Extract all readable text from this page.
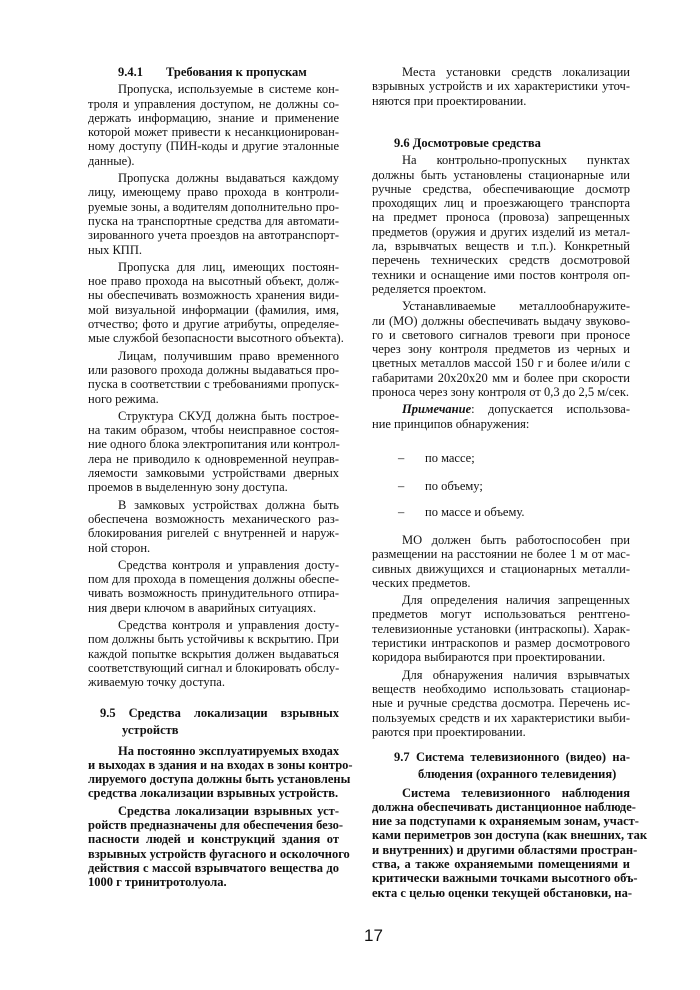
9.4.1 Требования к пропускам
Пропуска, используемые в системе кон-
троля и управления доступом, не должны со-
держать информацию, знание и применение
которой может привести к несанкционирован-
ному доступу (ПИН-коды и другие эталонные
данные).
Пропуска должны выдаваться каждому
лицу, имеющему право прохода в контроли-
руемые зоны, а водителям дополнительно про-
пуска на транспортные средства для автомати-
зированного учета проездов на автотранспорт-
ных КПП.
Пропуска для лиц, имеющих постоян-
ное право прохода на высотный объект, долж-
ны обеспечивать возможность хранения види-
мой визуальной информации (фамилия, имя,
отчество; фото и другие атрибуты, определяе-
мые службой безопасности высотного объекта).
Лицам, получившим право временного
или разового прохода должны выдаваться про-
пуска в соответствии с требованиями пропуск-
ного режима.
Структура СКУД должна быть построе-
на таким образом, чтобы неисправное состоя-
ние одного блока электропитания или контрол-
лера не приводило к одновременной неуправ-
ляемости замковыми устройствами дверных
проемов в выделенную зону доступа.
В замковых устройствах должна быть
обеспечена возможность механического раз-
блокирования ригелей с внутренней и наруж-
ной сторон.
Средства контроля и управления досту-
пом для прохода в помещения должны обеспе-
чивать возможность принудительного отпира-
ния двери ключом в аварийных ситуациях.
Средства контроля и управления досту-
пом должны быть устойчивы к вскрытию. При
каждой попытке вскрытия должен выдаваться
соответствующий сигнал и блокировать обслу-
живаемую точку доступа.
9.5 Средства локализации взрывных
устройств
На постоянно эксплуатируемых входах
и выходах в здания и на входах в зоны контро-
лируемого доступа должны быть установлены
средства локализации взрывных устройств.
Средства локализации взрывных уст-
ройств предназначены для обеспечения безо-
пасности людей и конструкций здания от
взрывных устройств фугасного и осколочного
действия с массой взрывчатого вещества до
1000 г тринитротолуола.
Места установки средств локализации
взрывных устройств и их характеристики уточ-
няются при проектировании.
9.6 Досмотровые средства
На контрольно-пропускных пунктах
должны быть установлены стационарные или
ручные средства, обеспечивающие досмотр
проходящих лиц и проезжающего транспорта
на предмет проноса (провоза) запрещенных
предметов (оружия и других изделий из метал-
ла, взрывчатых веществ и т.п.). Конкретный
перечень технических средств досмотровой
техники и оснащение ими постов контроля оп-
ределяется проектом.
Устанавливаемые металлообнаружите-
ли (МО) должны обеспечивать выдачу звуково-
го и светового сигналов тревоги при проносе
через зону контроля предметов из черных и
цветных металлов массой 150 г и более и/или с
габаритами 20х20х20 мм и более при скорости
проноса через зону контроля от 0,3 до 2,5 м/сек.
Примечание: допускается использова-
ние принципов обнаружения:
– по массе;
– по объему;
– по массе и объему.
МО должен быть работоспособен при
размещении на расстоянии не более 1 м от мас-
сивных движущихся и стационарных металли-
ческих предметов.
Для определения наличия запрещенных
предметов могут использоваться рентгено-
телевизионные установки (интраскопы). Харак-
теристики интраскопов и размер досмотрового
коридора выбираются при проектировании.
Для обнаружения наличия взрывчатых
веществ необходимо использовать стационар-
ные и ручные средства досмотра. Перечень ис-
пользуемых средств и их характеристики выби-
раются при проектировании.
9.7 Система телевизионного (видео) на-
блюдения (охранного телевидения)
Система телевизионного наблюдения
должна обеспечивать дистанционное наблюде-
ние за подступами к охраняемым зонам, участ-
ками периметров зон доступа (как внешних, так
и внутренних) и другими областями простран-
ства, а также охраняемыми помещениями и
критически важными точками высотного объ-
екта с целью оценки текущей обстановки, на-
17
